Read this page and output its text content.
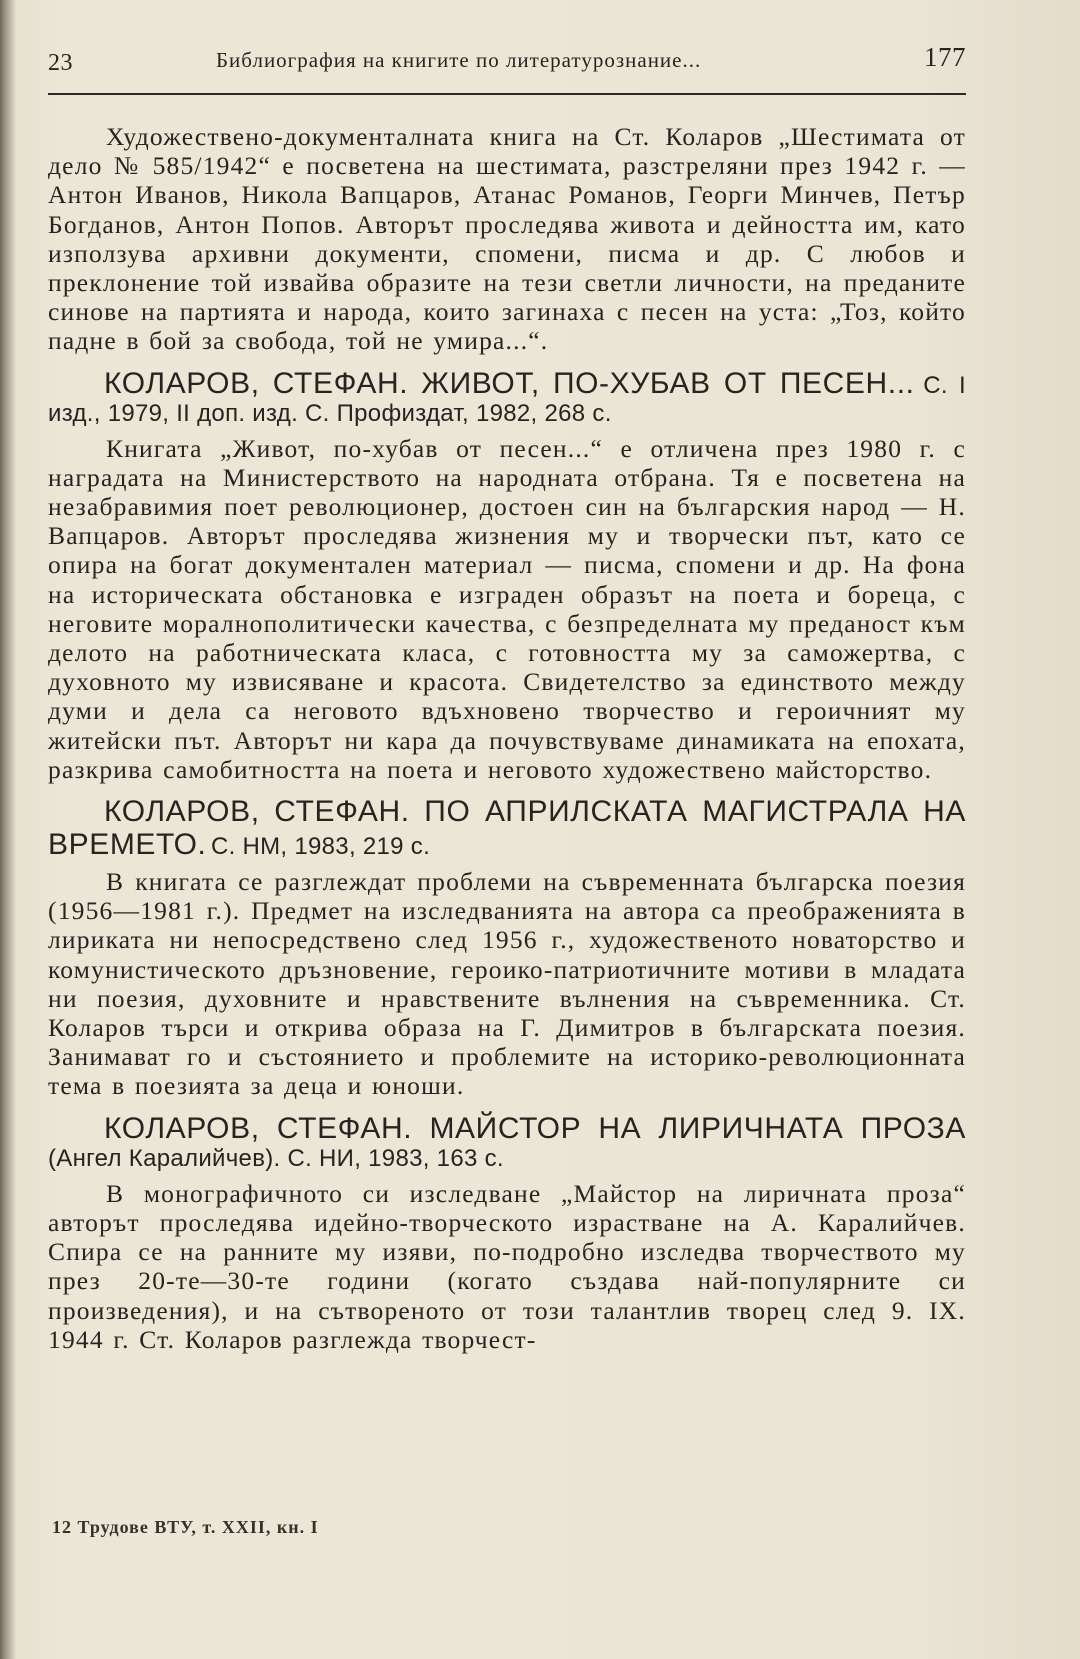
23	Библиография на книгите по литературознание...	177

Художествено-документалната книга на Ст. Коларов „Шестимата от дело № 585/1942“ е посветена на шестимата, разстреляни през 1942 г. — Антон Иванов, Никола Вапцаров, Атанас Романов, Георги Минчев, Петър Богданов, Антон Попов. Авторът проследява живота и дейността им, като използува архивни документи, спомени, писма и др. С любов и преклонение той извайва образите на тези светли личности, на преданите синове на партията и народа, които загинаха с песен на уста: „Тоз, който падне в бой за свобода, той не умира...“.

КОЛАРОВ, СТЕФАН. ЖИВОТ, ПО-ХУБАВ ОТ ПЕСЕН... С. I изд., 1979, II доп. изд. С. Профиздат, 1982, 268 с.

Книгата „Живот, по-хубав от песен...“ е отличена през 1980 г. с наградата на Министерството на народната отбрана. Тя е посветена на незабравимия поет революционер, достоен син на българския народ — Н. Вапцаров. Авторът проследява жизнения му и творчески път, като се опира на богат документален материал — писма, спомени и др. На фона на историческата обстановка е изграден образът на поета и бореца, с неговите моралнополитически качества, с безпределната му преданост към делото на работническата класа, с готовността му за саможертва, с духовното му извисяване и красота. Свидетелство за единството между думи и дела са неговото вдъхновено творчество и героичният му житейски път. Авторът ни кара да почувствуваме динамиката на епохата, разкрива самобитността на поета и неговото художествено майсторство.

КОЛАРОВ, СТЕФАН. ПО АПРИЛСКАТА МАГИСТРАЛА НА ВРЕМЕТО. С. НМ, 1983, 219 с.

В книгата се разглеждат проблеми на съвременната българска поезия (1956—1981 г.). Предмет на изследванията на автора са преображенията в лириката ни непосредствено след 1956 г., художественото новаторство и комунистическото дръзновение, героико-патриотичните мотиви в младата ни поезия, духовните и нравствените вълнения на съвременника. Ст. Коларов търси и открива образа на Г. Димитров в българската поезия. Занимават го и състоянието и проблемите на историко-революционната тема в поезията за деца и юноши.

КОЛАРОВ, СТЕФАН. МАЙСТОР НА ЛИРИЧНАТА ПРОЗА (Ангел Каралийчев). С. НИ, 1983, 163 с.

В монографичното си изследване „Майстор на лиричната проза“ авторът проследява идейно-творческото израстване на А. Каралийчев. Спира се на ранните му изяви, по-подробно изследва творчеството му през 20-те—30-те години (когато създава най-популярните си произведения), и на сътвореното от този талантлив творец след 9. IX. 1944 г. Ст. Коларов разглежда творчест-

12 Трудове ВТУ, т. XXII, кн. I
